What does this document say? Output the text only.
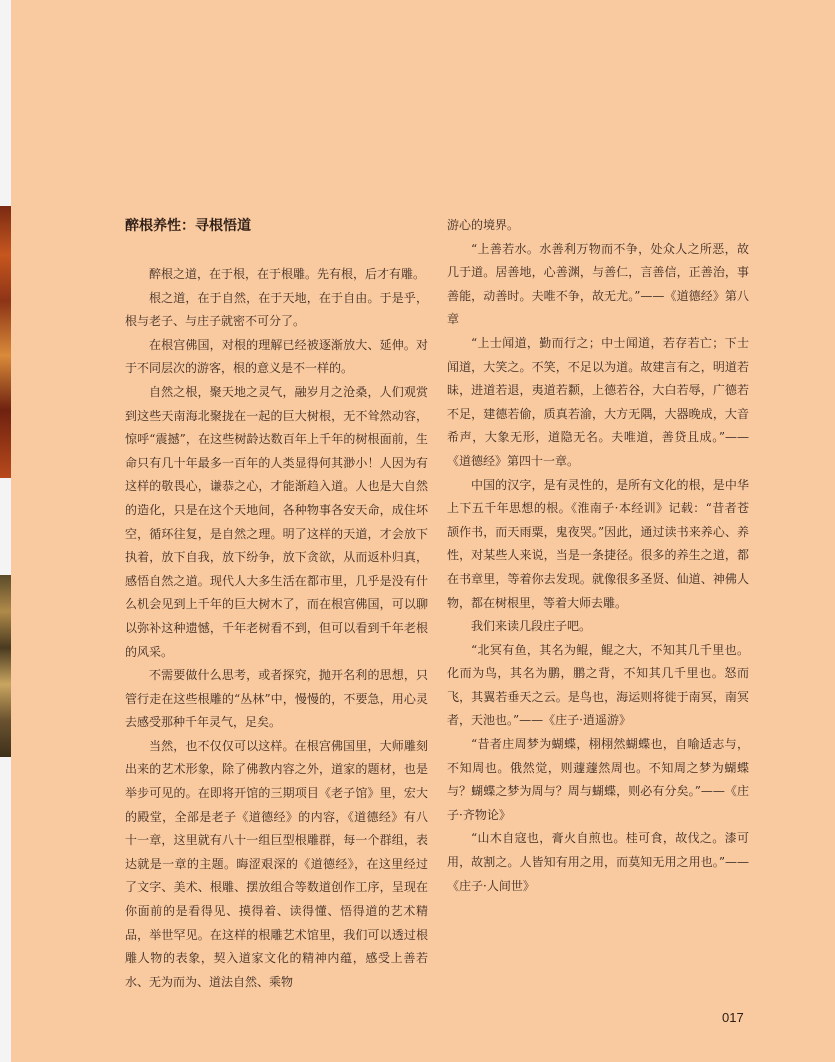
醉根养性：寻根悟道

醉根之道，在于根，在于根雕。先有根，后才有雕。

根之道，在于自然，在于天地，在于自由。于是乎，根与老子、与庄子就密不可分了。

在根宫佛国，对根的理解已经被逐渐放大、延伸。对于不同层次的游客，根的意义是不一样的。

自然之根，聚天地之灵气，融岁月之沧桑，人们观赏到这些天南海北聚拢在一起的巨大树根，无不耸然动容，惊呼“震撼”，在这些树龄达数百年上千年的树根面前，生命只有几十年最多一百年的人类显得何其渺小！人因为有这样的敬畏心，谦恭之心，才能渐趋入道。人也是大自然的造化，只是在这个天地间，各种物事各安天命，成住坏空，循环往复，是自然之理。明了这样的天道，才会放下执着，放下自我，放下纷争，放下贪欲，从而返朴归真，感悟自然之道。现代人大多生活在都市里，几乎是没有什么机会见到上千年的巨大树木了，而在根宫佛国，可以聊以弥补这种遗憾，千年老树看不到，但可以看到千年老根的风采。

不需要做什么思考，或者探究，抛开名利的思想，只管行走在这些根雕的“丛林”中，慢慢的，不要急，用心灵去感受那种千年灵气，足矣。

当然，也不仅仅可以这样。在根宫佛国里，大师雕刻出来的艺术形象，除了佛教内容之外，道家的题材，也是举步可见的。在即将开馆的三期项目《老子馆》里，宏大的殿堂，全部是老子《道德经》的内容，《道德经》有八十一章，这里就有八十一组巨型根雕群，每一个群组，表达就是一章的主题。晦涩艰深的《道德经》，在这里经过了文字、美术、根雕、摆放组合等数道创作工序，呈现在你面前的是看得见、摸得着、读得懂、悟得道的艺术精品，举世罕见。在这样的根雕艺术馆里，我们可以透过根雕人物的表象，契入道家文化的精神内蕴，感受上善若水、无为而为、道法自然、乘物

游心的境界。

“上善若水。水善利万物而不争，处众人之所恶，故几于道。居善地，心善渊，与善仁，言善信，正善治，事善能，动善时。夫唯不争，故无尤。”——《道德经》第八章

“上士闻道，勤而行之；中士闻道，若存若亡；下士闻道，大笑之。不笑，不足以为道。故建言有之，明道若昧，进道若退，夷道若颣，上德若谷，大白若辱，广德若不足，建德若偷，质真若渝，大方无隅，大器晚成，大音希声，大象无形，道隐无名。夫唯道，善贷且成。”——《道德经》第四十一章。

中国的汉字，是有灵性的，是所有文化的根，是中华上下五千年思想的根。《淮南子·本经训》记载：“昔者苍颉作书，而天雨粟，鬼夜哭。”因此，通过读书来养心、养性，对某些人来说，当是一条捷径。很多的养生之道，都在书章里，等着你去发现。就像很多圣贤、仙道、神佛人物，都在树根里，等着大师去雕。

我们来读几段庄子吧。

“北冥有鱼，其名为鲲，鲲之大，不知其几千里也。化而为鸟，其名为鹏，鹏之背，不知其几千里也。怒而飞，其翼若垂天之云。是鸟也，海运则将徙于南冥，南冥者，天池也。”——《庄子·逍遥游》

“昔者庄周梦为蝴蝶，栩栩然蝴蝶也，自喻适志与，不知周也。俄然觉，则蘧蘧然周也。不知周之梦为蝴蝶与？蝴蝶之梦为周与？周与蝴蝶，则必有分矣。”——《庄子·齐物论》

“山木自寇也，膏火自煎也。桂可食，故伐之。漆可用，故割之。人皆知有用之用，而莫知无用之用也。”——《庄子·人间世》

017
